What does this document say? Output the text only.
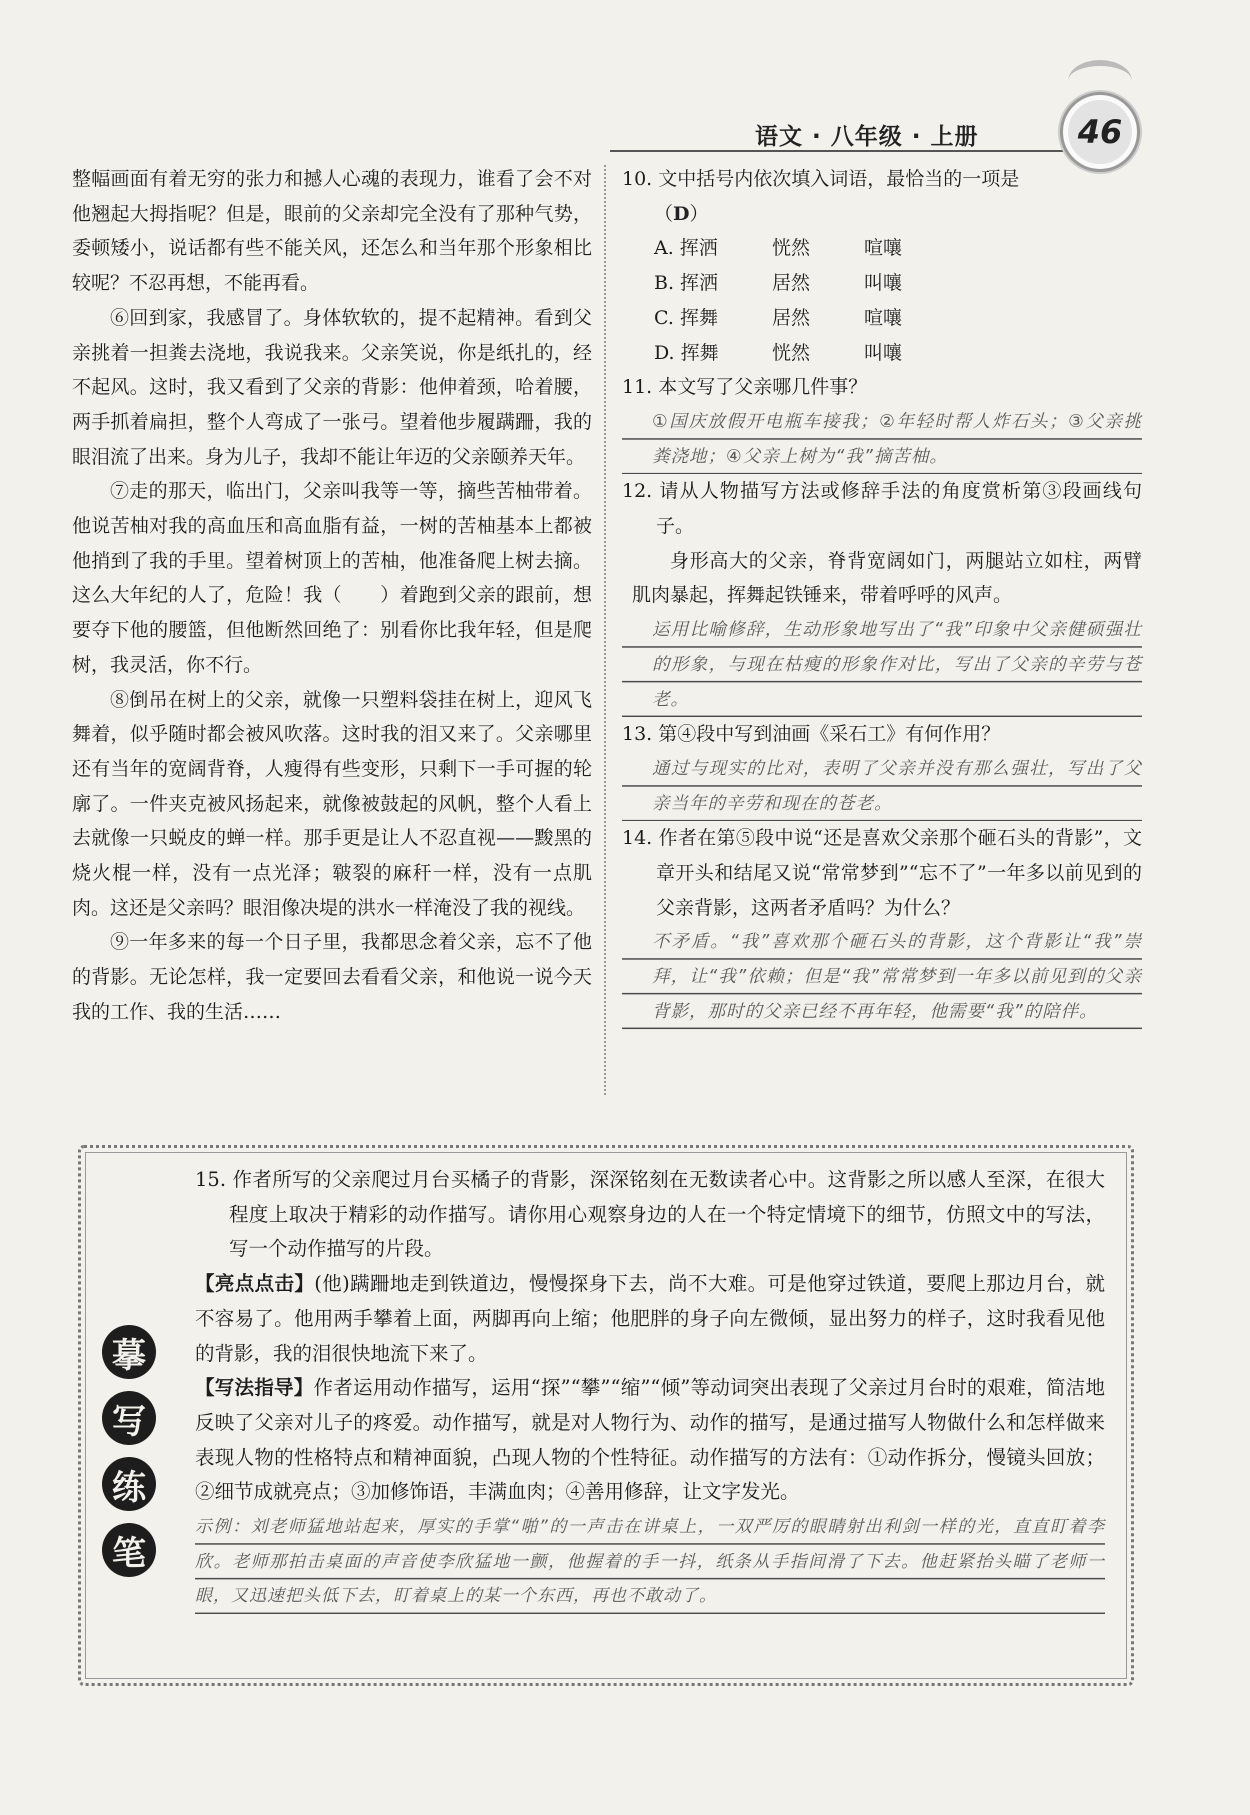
语文 · 八年级 · 上册	46

整幅画面有着无穷的张力和撼人心魂的表现力，谁看了会不对他翘起大拇指呢？但是，眼前的父亲却完全没有了那种气势，委顿矮小，说话都有些不能关风，还怎么和当年那个形象相比较呢？不忍再想，不能再看。

⑥回到家，我感冒了。身体软软的，提不起精神。看到父亲挑着一担粪去浇地，我说我来。父亲笑说，你是纸扎的，经不起风。这时，我又看到了父亲的背影：他伸着颈，哈着腰，两手抓着扁担，整个人弯成了一张弓。望着他步履蹒跚，我的眼泪流了出来。身为儿子，我却不能让年迈的父亲颐养天年。

⑦走的那天，临出门，父亲叫我等一等，摘些苦柚带着。他说苦柚对我的高血压和高血脂有益，一树的苦柚基本上都被他捎到了我的手里。望着树顶上的苦柚，他准备爬上树去摘。这么大年纪的人了，危险！我（　　）着跑到父亲的跟前，想要夺下他的腰篮，但他断然回绝了：别看你比我年轻，但是爬树，我灵活，你不行。

⑧倒吊在树上的父亲，就像一只塑料袋挂在树上，迎风飞舞着，似乎随时都会被风吹落。这时我的泪又来了。父亲哪里还有当年的宽阔背脊，人瘦得有些变形，只剩下一手可握的轮廓了。一件夹克被风扬起来，就像被鼓起的风帆，整个人看上去就像一只蜕皮的蝉一样。那手更是让人不忍直视——黢黑的烧火棍一样，没有一点光泽；皲裂的麻秆一样，没有一点肌肉。这还是父亲吗？眼泪像决堤的洪水一样淹没了我的视线。

⑨一年多来的每一个日子里，我都思念着父亲，忘不了他的背影。无论怎样，我一定要回去看看父亲，和他说一说今天我的工作、我的生活……

10. 文中括号内依次填入词语，最恰当的一项是

（D）

A. 挥洒	恍然	喧嚷
B. 挥洒	居然	叫嚷
C. 挥舞	居然	喧嚷
D. 挥舞	恍然	叫嚷

11. 本文写了父亲哪几件事？

①国庆放假开电瓶车接我；②年轻时帮人炸石头；③父亲挑粪浇地；④父亲上树为“我”摘苦柚。

12. 请从人物描写方法或修辞手法的角度赏析第③段画线句子。

身形高大的父亲，脊背宽阔如门，两腿站立如柱，两臂肌肉暴起，挥舞起铁锤来，带着呼呼的风声。

运用比喻修辞，生动形象地写出了“我”印象中父亲健硕强壮的形象，与现在枯瘦的形象作对比，写出了父亲的辛劳与苍老。

13. 第④段中写到油画《采石工》有何作用？

通过与现实的比对，表明了父亲并没有那么强壮，写出了父亲当年的辛劳和现在的苍老。

14. 作者在第⑤段中说“还是喜欢父亲那个砸石头的背影”，文章开头和结尾又说“常常梦到”“忘不了”一年多以前见到的父亲背影，这两者矛盾吗？为什么？

不矛盾。“我”喜欢那个砸石头的背影，这个背影让“我”崇拜，让“我”依赖；但是“我”常常梦到一年多以前见到的父亲背影，那时的父亲已经不再年轻，他需要“我”的陪伴。

摹
写
练
笔

15. 作者所写的父亲爬过月台买橘子的背影，深深铭刻在无数读者心中。这背影之所以感人至深，在很大程度上取决于精彩的动作描写。请你用心观察身边的人在一个特定情境下的细节，仿照文中的写法，写一个动作描写的片段。

【亮点点击】(他)蹒跚地走到铁道边，慢慢探身下去，尚不大难。可是他穿过铁道，要爬上那边月台，就不容易了。他用两手攀着上面，两脚再向上缩；他肥胖的身子向左微倾，显出努力的样子，这时我看见他的背影，我的泪很快地流下来了。

【写法指导】作者运用动作描写，运用“探”“攀”“缩”“倾”等动词突出表现了父亲过月台时的艰难，简洁地反映了父亲对儿子的疼爱。动作描写，就是对人物行为、动作的描写，是通过描写人物做什么和怎样做来表现人物的性格特点和精神面貌，凸现人物的个性特征。动作描写的方法有：①动作拆分，慢镜头回放；②细节成就亮点；③加修饰语，丰满血肉；④善用修辞，让文字发光。

示例：刘老师猛地站起来，厚实的手掌“啪”的一声击在讲桌上，一双严厉的眼睛射出利剑一样的光，直直盯着李欣。老师那拍击桌面的声音使李欣猛地一颤，他握着的手一抖，纸条从手指间滑了下去。他赶紧抬头瞄了老师一眼，又迅速把头低下去，盯着桌上的某一个东西，再也不敢动了。
